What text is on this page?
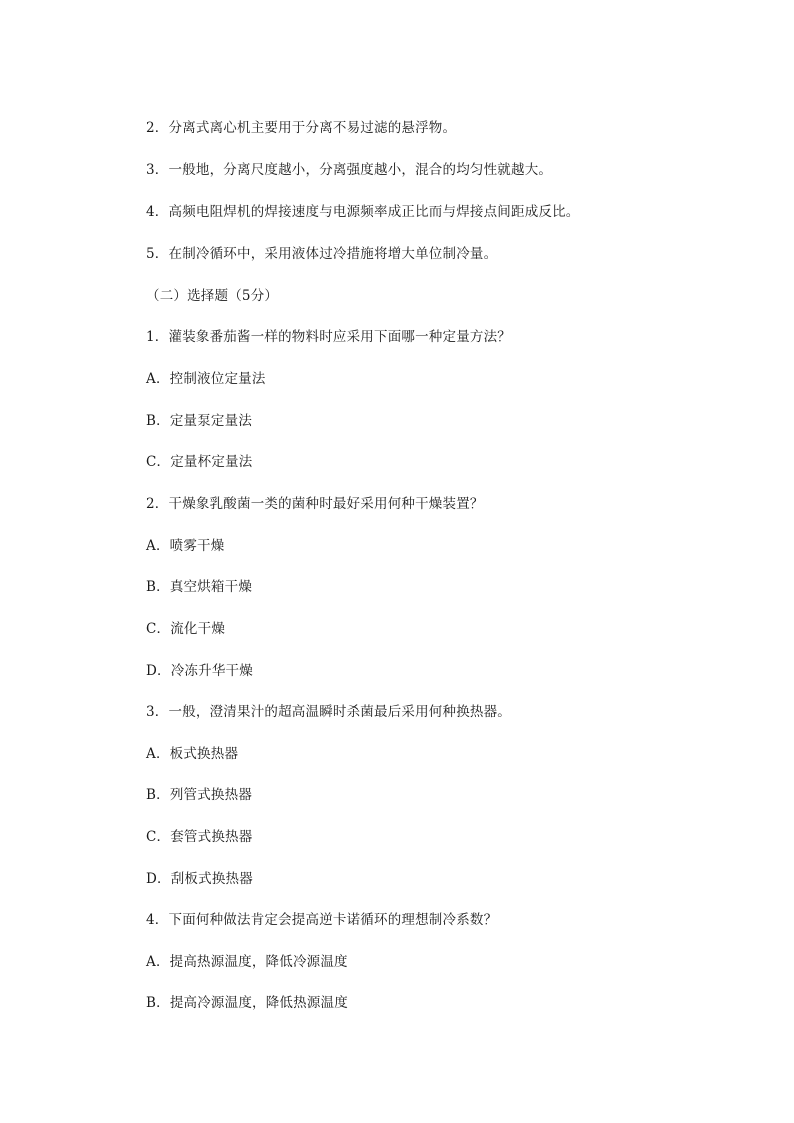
2．分离式离心机主要用于分离不易过滤的悬浮物。
3．一般地，分离尺度越小，分离强度越小，混合的均匀性就越大。
4．高频电阻焊机的焊接速度与电源频率成正比而与焊接点间距成反比。
5．在制冷循环中，采用液体过冷措施将增大单位制冷量。
（二）选择题（5分）
1．灌装象番茄酱一样的物料时应采用下面哪一种定量方法？
A．控制液位定量法
B．定量泵定量法
C．定量杯定量法
2．干燥象乳酸菌一类的菌种时最好采用何种干燥装置？
A．喷雾干燥
B．真空烘箱干燥
C．流化干燥
D．冷冻升华干燥
3．一般，澄清果汁的超高温瞬时杀菌最后采用何种换热器。
A．板式换热器
B．列管式换热器
C．套管式换热器
D．刮板式换热器
4．下面何种做法肯定会提高逆卡诺循环的理想制冷系数？
A．提高热源温度，降低冷源温度
B．提高冷源温度，降低热源温度
